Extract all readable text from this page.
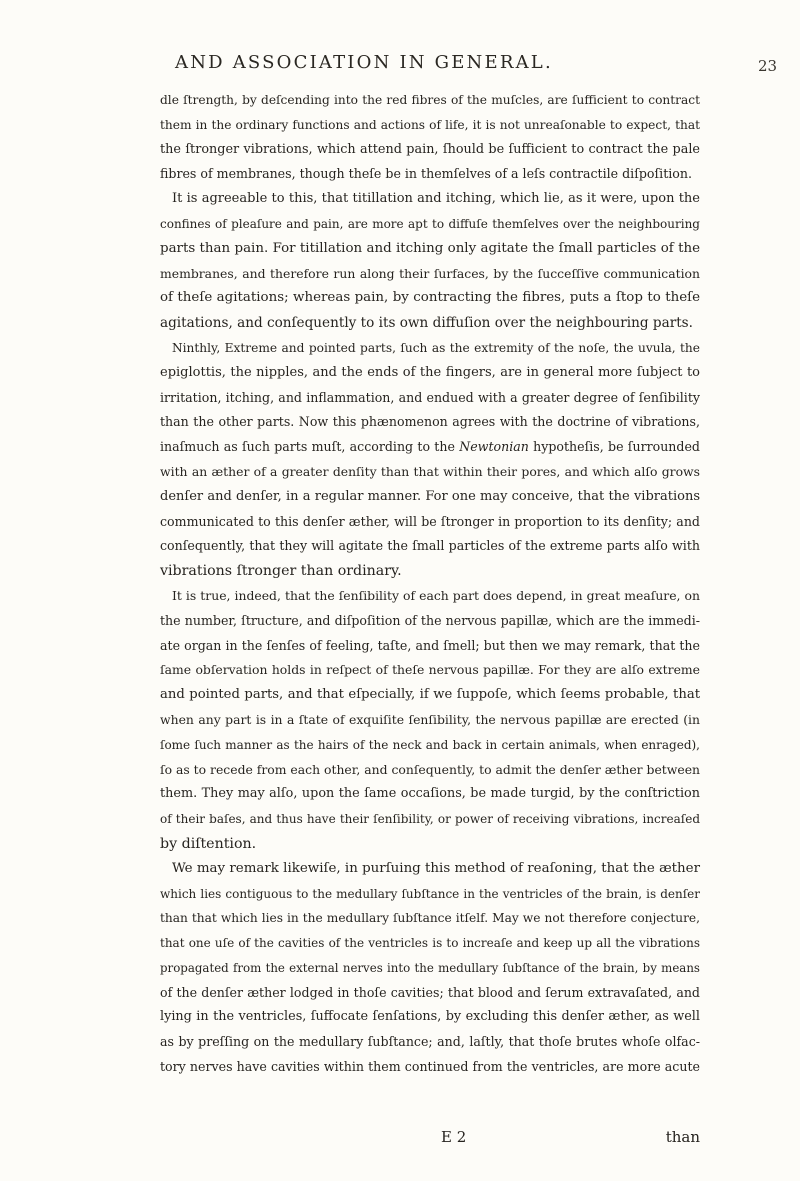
AND ASSOCIATION IN GENERAL.	23
dle ſtrength, by deſcending into the red fibres of the muſcles, are ſufficient to contract
them in the ordinary functions and actions of life, it is not unreaſonable to expect, that
the ſtronger vibrations, which attend pain, ſhould be ſufficient to contract the pale
fibres of membranes, though theſe be in themſelves of a leſs contractile diſpoſition.
It is agreeable to this, that titillation and itching, which lie, as it were, upon the
confines of pleaſure and pain, are more apt to diffuſe themſelves over the neighbouring
parts than pain. For titillation and itching only agitate the ſmall particles of the
membranes, and therefore run along their ſurfaces, by the ſucceſſive communication
of theſe agitations; whereas pain, by contracting the fibres, puts a ſtop to theſe
agitations, and conſequently to its own diffuſion over the neighbouring parts.
Ninthly, Extreme and pointed parts, ſuch as the extremity of the noſe, the uvula, the
epiglottis, the nipples, and the ends of the fingers, are in general more ſubject to
irritation, itching, and inflammation, and endued with a greater degree of ſenſibility
than the other parts. Now this phænomenon agrees with the doctrine of vibrations,
inaſmuch as ſuch parts muſt, according to the Newtonian hypotheſis, be ſurrounded
with an æther of a greater denſity than that within their pores, and which alſo grows
denſer and denſer, in a regular manner. For one may conceive, that the vibrations
communicated to this denſer æther, will be ſtronger in proportion to its denſity; and
conſequently, that they will agitate the ſmall particles of the extreme parts alſo with
vibrations ſtronger than ordinary.
It is true, indeed, that the ſenſibility of each part does depend, in great meaſure, on
the number, ſtructure, and diſpoſition of the nervous papillæ, which are the immedi-
ate organ in the ſenſes of feeling, taſte, and ſmell; but then we may remark, that the
ſame obſervation holds in reſpect of theſe nervous papillæ. For they are alſo extreme
and pointed parts, and that eſpecially, if we ſuppoſe, which ſeems probable, that
when any part is in a ſtate of exquiſite ſenſibility, the nervous papillæ are erected (in
ſome ſuch manner as the hairs of the neck and back in certain animals, when enraged),
ſo as to recede from each other, and conſequently, to admit the denſer æther between
them. They may alſo, upon the ſame occaſions, be made turgid, by the conſtriction
of their baſes, and thus have their ſenſibility, or power of receiving vibrations, increaſed
by diſtention.
We may remark likewiſe, in purſuing this method of reaſoning, that the æther
which lies contiguous to the medullary ſubſtance in the ventricles of the brain, is denſer
than that which lies in the medullary ſubſtance itſelf. May we not therefore conjecture,
that one uſe of the cavities of the ventricles is to increaſe and keep up all the vibrations
propagated from the external nerves into the medullary ſubſtance of the brain, by means
of the denſer æther lodged in thoſe cavities; that blood and ſerum extravaſated, and
lying in the ventricles, ſuffocate ſenſations, by excluding this denſer æther, as well
as by preſſing on the medullary ſubſtance; and, laſtly, that thoſe brutes whoſe olfac-
tory nerves have cavities within them continued from the ventricles, are more acute
E 2	than
